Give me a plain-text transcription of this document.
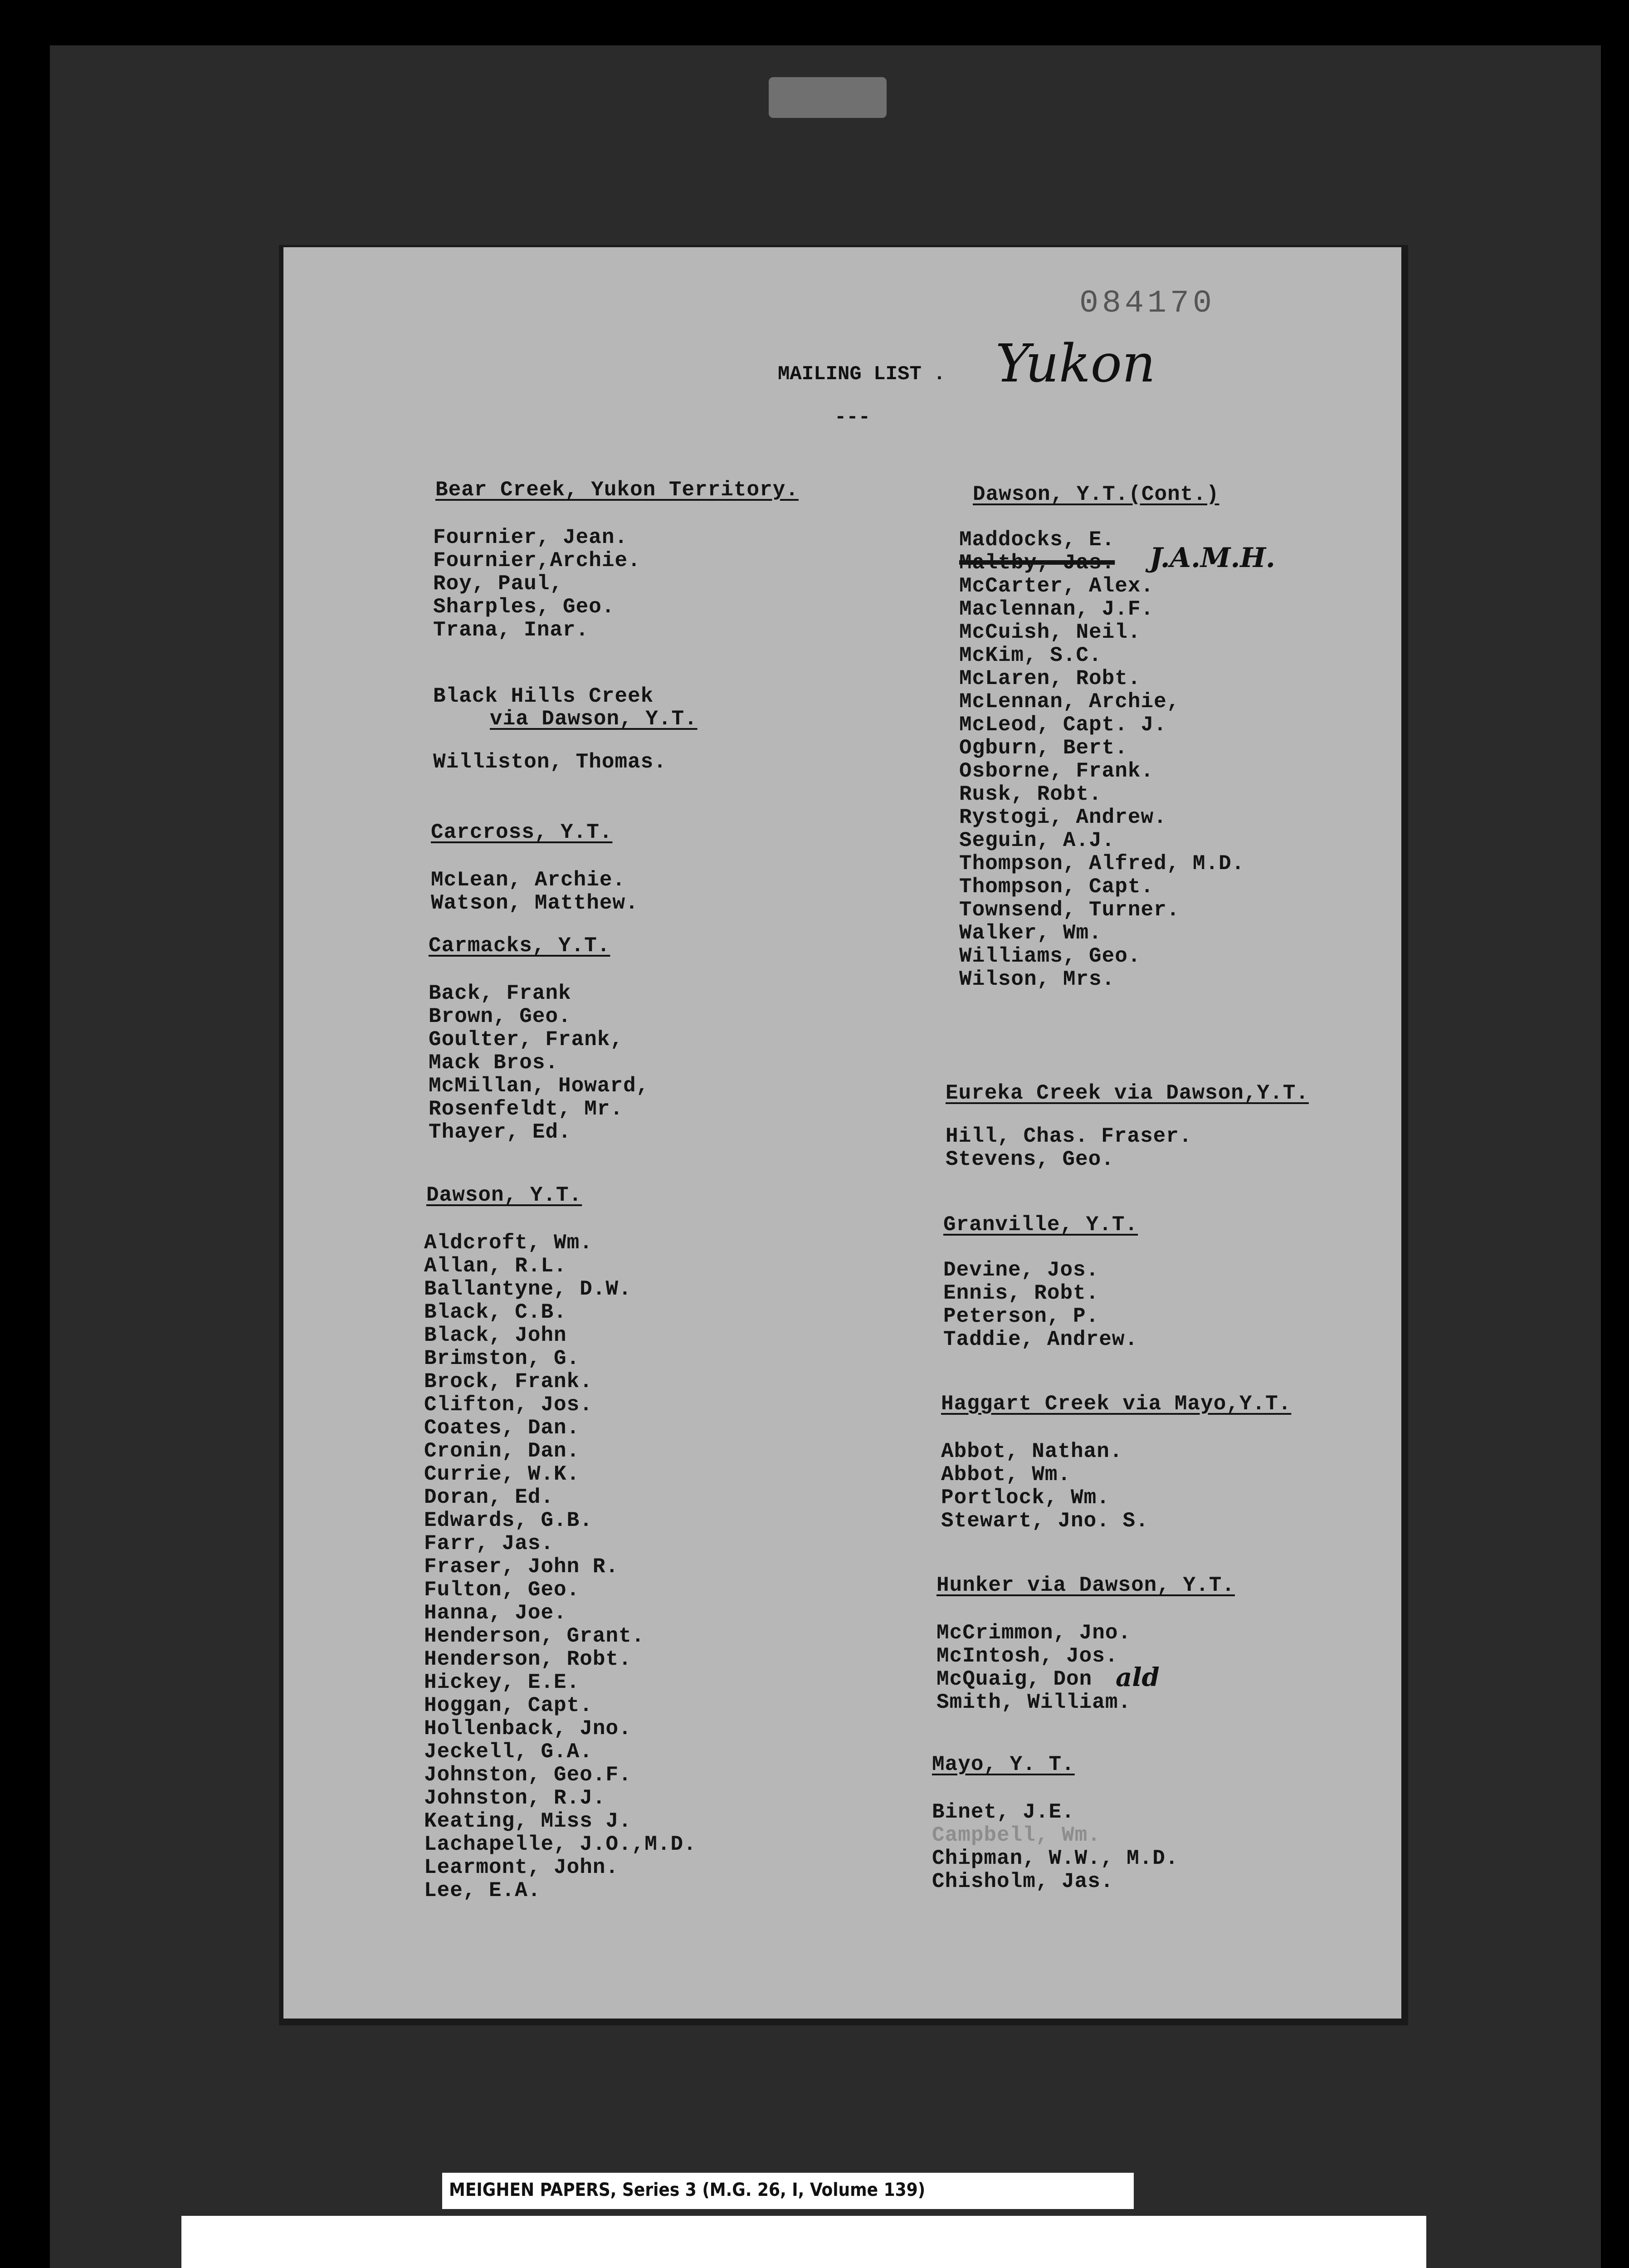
084170
MAILING LIST . Yukon
---
Bear Creek, Yukon Territory.
Fournier, Jean.
Fournier,Archie.
Roy, Paul,
Sharples, Geo.
Trana, Inar.
Black Hills Creek
via Dawson, Y.T.
Williston, Thomas.
Carcross, Y.T.
McLean, Archie.
Watson, Matthew.
Carmacks, Y.T.
Back, Frank
Brown, Geo.
Goulter, Frank,
Mack Bros.
McMillan, Howard,
Rosenfeldt, Mr.
Thayer, Ed.
Dawson, Y.T.
Aldcroft, Wm.
Allan, R.L.
Ballantyne, D.W.
Black, C.B.
Black, John
Brimston, G.
Brock, Frank.
Clifton, Jos.
Coates, Dan.
Cronin, Dan.
Currie, W.K.
Doran, Ed.
Edwards, G.B.
Farr, Jas.
Fraser, John R.
Fulton, Geo.
Hanna, Joe.
Henderson, Grant.
Henderson, Robt.
Hickey, E.E.
Hoggan, Capt.
Hollenback, Jno.
Jeckell, G.A.
Johnston, Geo.F.
Johnston, R.J.
Keating, Miss J.
Lachapelle, J.O.,M.D.
Learmont, John.
Lee, E.A.
Dawson, Y.T.(Cont.)
Maddocks, E.
Maltby, Jas.
McCarter, Alex.
Maclennan, J.F.
McCuish, Neil.
McKim, S.C.
McLaren, Robt.
McLennan, Archie,
McLeod, Capt. J.
Ogburn, Bert.
Osborne, Frank.
Rusk, Robt.
Rystogi, Andrew.
Seguin, A.J.
Thompson, Alfred, M.D.
Thompson, Capt.
Townsend, Turner.
Walker, Wm.
Williams, Geo.
Wilson, Mrs.
J.A.M.H.
Eureka Creek via Dawson,Y.T.
Hill, Chas. Fraser.
Stevens, Geo.
Granville, Y.T.
Devine, Jos.
Ennis, Robt.
Peterson, P.
Taddie, Andrew.
Haggart Creek via Mayo,Y.T.
Abbot, Nathan.
Abbot, Wm.
Portlock, Wm.
Stewart, Jno. S.
Hunker via Dawson, Y.T.
McCrimmon, Jno.
McIntosh, Jos.
McQuaig, Don
Smith, William.
ald
Mayo, Y. T.
Binet, J.E.
Campbell, Wm.
Chipman, W.W., M.D.
Chisholm, Jas.
MEIGHEN PAPERS, Series 3 (M.G. 26, I, Volume 139)
